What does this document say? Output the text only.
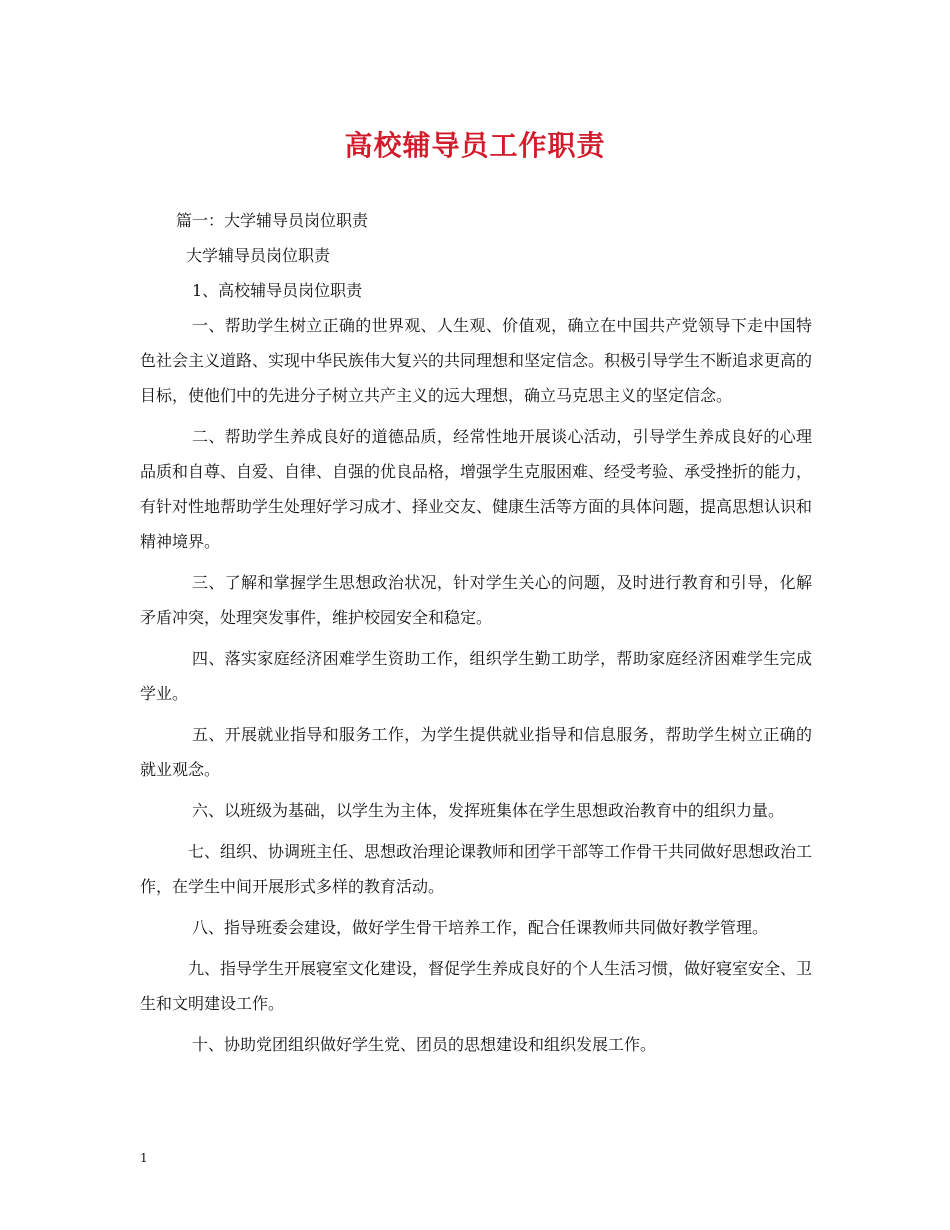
高校辅导员工作职责

篇一：大学辅导员岗位职责

大学辅导员岗位职责

1、高校辅导员岗位职责

一、帮助学生树立正确的世界观、人生观、价值观，确立在中国共产党领导下走中国特色社会主义道路、实现中华民族伟大复兴的共同理想和坚定信念。积极引导学生不断追求更高的目标，使他们中的先进分子树立共产主义的远大理想，确立马克思主义的坚定信念。

二、帮助学生养成良好的道德品质，经常性地开展谈心活动，引导学生养成良好的心理品质和自尊、自爱、自律、自强的优良品格，增强学生克服困难、经受考验、承受挫折的能力，有针对性地帮助学生处理好学习成才、择业交友、健康生活等方面的具体问题，提高思想认识和精神境界。

三、了解和掌握学生思想政治状况，针对学生关心的问题，及时进行教育和引导，化解矛盾冲突，处理突发事件，维护校园安全和稳定。

四、落实家庭经济困难学生资助工作，组织学生勤工助学，帮助家庭经济困难学生完成学业。

五、开展就业指导和服务工作，为学生提供就业指导和信息服务，帮助学生树立正确的就业观念。

六、以班级为基础，以学生为主体，发挥班集体在学生思想政治教育中的组织力量。

七、组织、协调班主任、思想政治理论课教师和团学干部等工作骨干共同做好思想政治工作，在学生中间开展形式多样的教育活动。

八、指导班委会建设，做好学生骨干培养工作，配合任课教师共同做好教学管理。

九、指导学生开展寝室文化建设，督促学生养成良好的个人生活习惯，做好寝室安全、卫生和文明建设工作。

十、协助党团组织做好学生党、团员的思想建设和组织发展工作。

1
